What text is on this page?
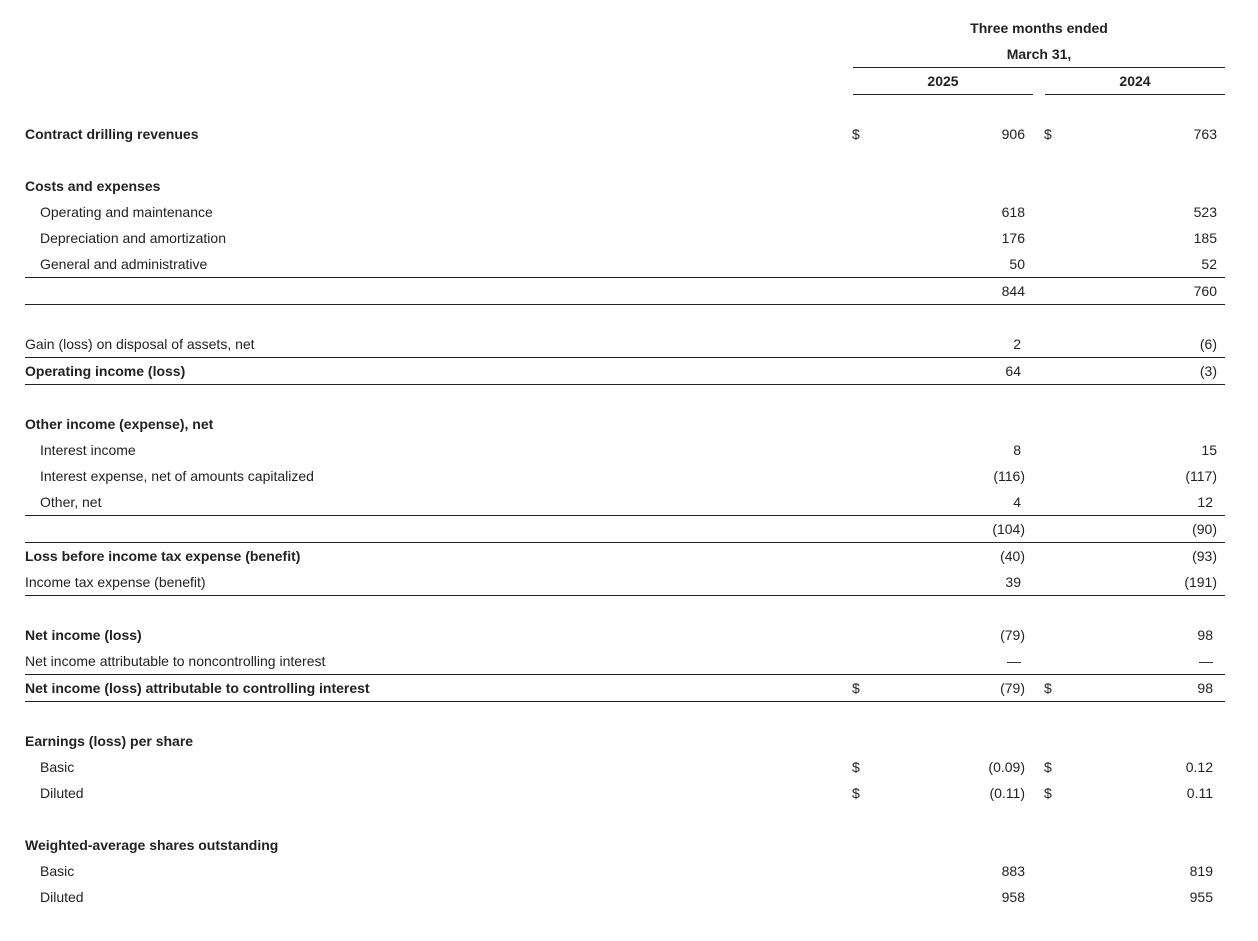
Three months ended
March 31,
2025	2024
Contract drilling revenues	$	906 $	763
Costs and expenses
Operating and maintenance	618	523
Depreciation and amortization	176	185
General and administrative	50	52
844	760
Gain (loss) on disposal of assets, net	2	(6)
Operating income (loss)	64	(3)
Other income (expense), net
Interest income	8	15
Interest expense, net of amounts capitalized	(116)	(117)
Other, net	4	12
(104)	(90)
Loss before income tax expense (benefit)	(40)	(93)
Income tax expense (benefit)	39	(191)
Net income (loss)	(79)	98
Net income attributable to noncontrolling interest	—	—
Net income (loss) attributable to controlling interest	$	(79) $	98
Earnings (loss) per share
Basic	$	(0.09) $	0.12
Diluted	$	(0.11) $	0.11
Weighted-average shares outstanding
Basic	883	819
Diluted	958	955
